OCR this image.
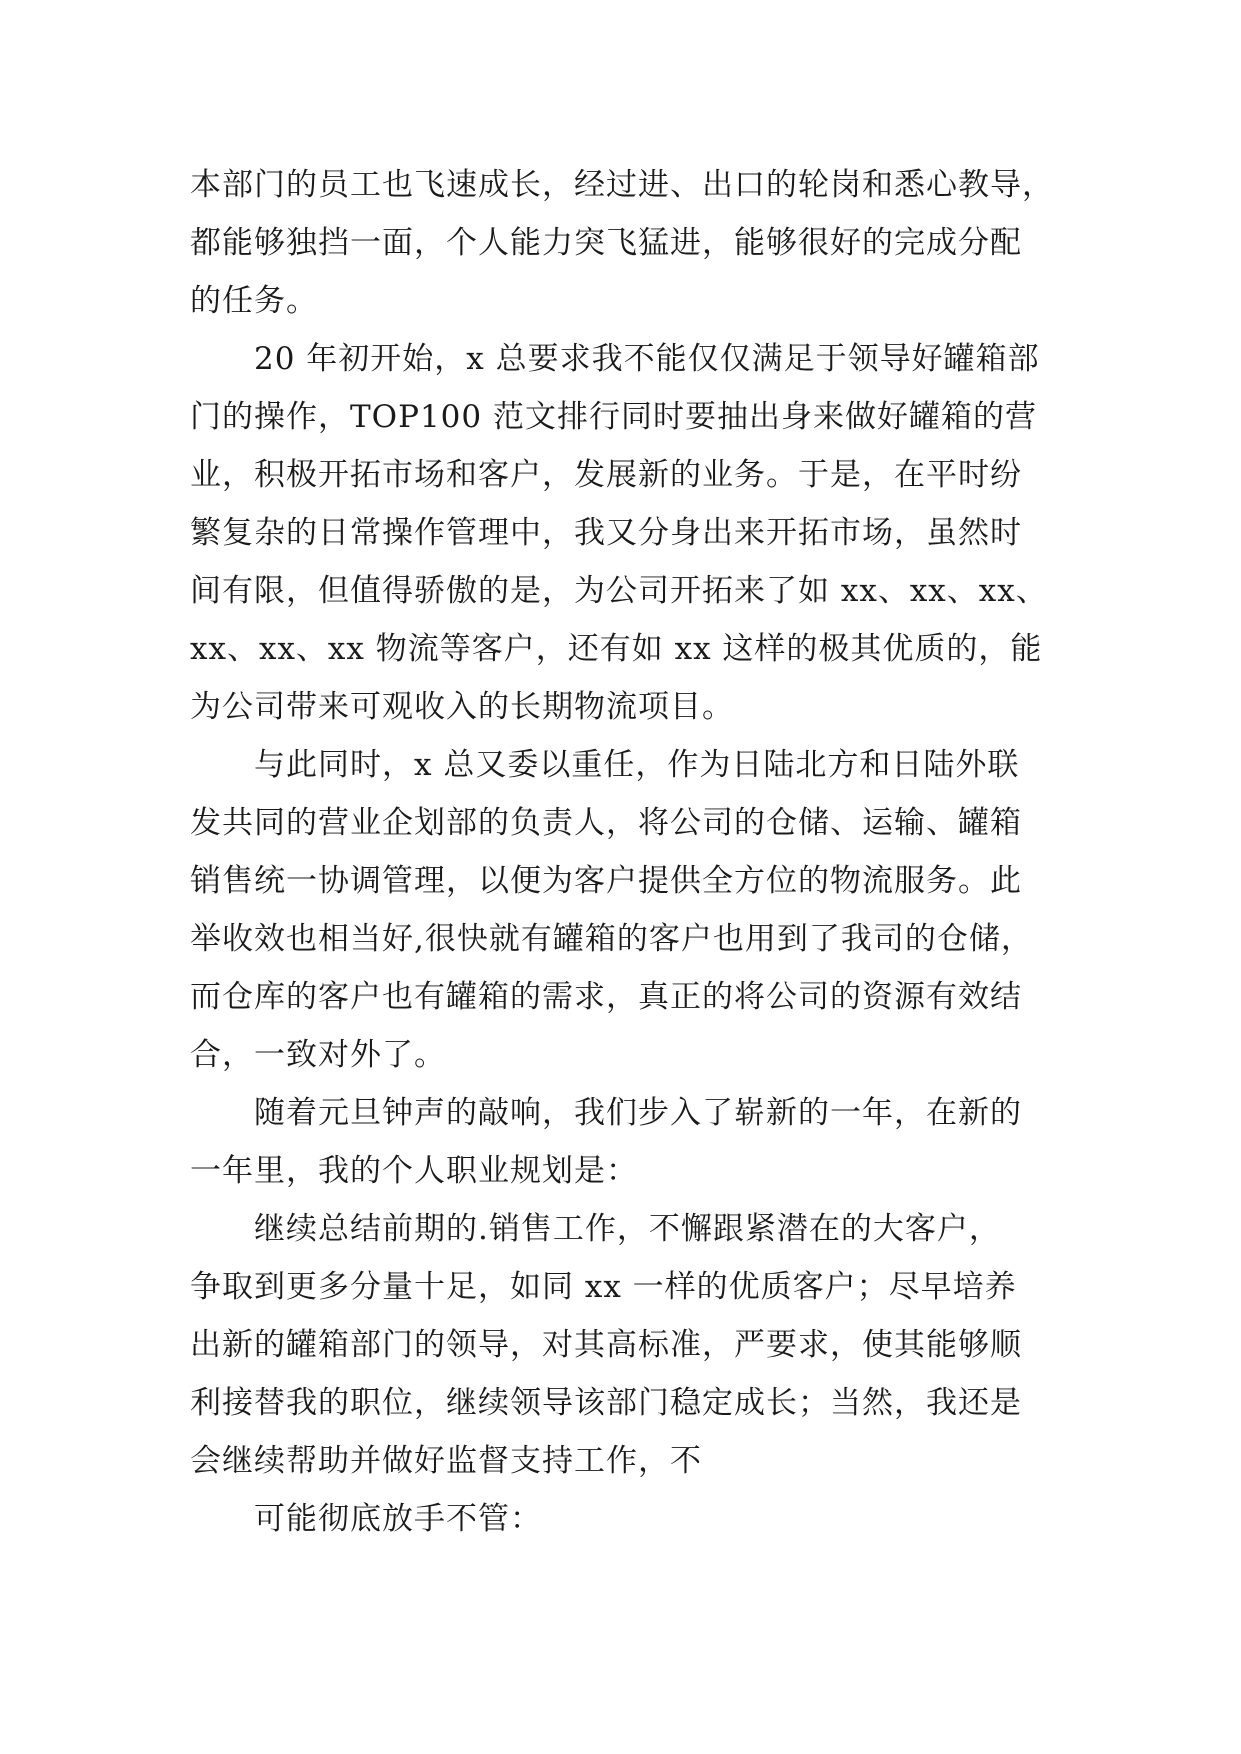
本部门的员工也飞速成长，经过进、出口的轮岗和悉心教导，
都能够独挡一面，个人能力突飞猛进，能够很好的完成分配
的任务。
20 年初开始，x 总要求我不能仅仅满足于领导好罐箱部
门的操作，TOP100 范文排行同时要抽出身来做好罐箱的营
业，积极开拓市场和客户，发展新的业务。于是，在平时纷
繁复杂的日常操作管理中，我又分身出来开拓市场，虽然时
间有限，但值得骄傲的是，为公司开拓来了如 xx、xx、xx、
xx、xx、xx 物流等客户，还有如 xx 这样的极其优质的，能
为公司带来可观收入的长期物流项目。
与此同时，x 总又委以重任，作为日陆北方和日陆外联
发共同的营业企划部的负责人，将公司的仓储、运输、罐箱
销售统一协调管理，以便为客户提供全方位的物流服务。此
举收效也相当好,很快就有罐箱的客户也用到了我司的仓储，
而仓库的客户也有罐箱的需求，真正的将公司的资源有效结
合，一致对外了。
随着元旦钟声的敲响，我们步入了崭新的一年，在新的
一年里，我的个人职业规划是：
继续总结前期的.销售工作，不懈跟紧潜在的大客户，
争取到更多分量十足，如同 xx 一样的优质客户；尽早培养
出新的罐箱部门的领导，对其高标准，严要求，使其能够顺
利接替我的职位，继续领导该部门稳定成长；当然，我还是
会继续帮助并做好监督支持工作，不
可能彻底放手不管：
